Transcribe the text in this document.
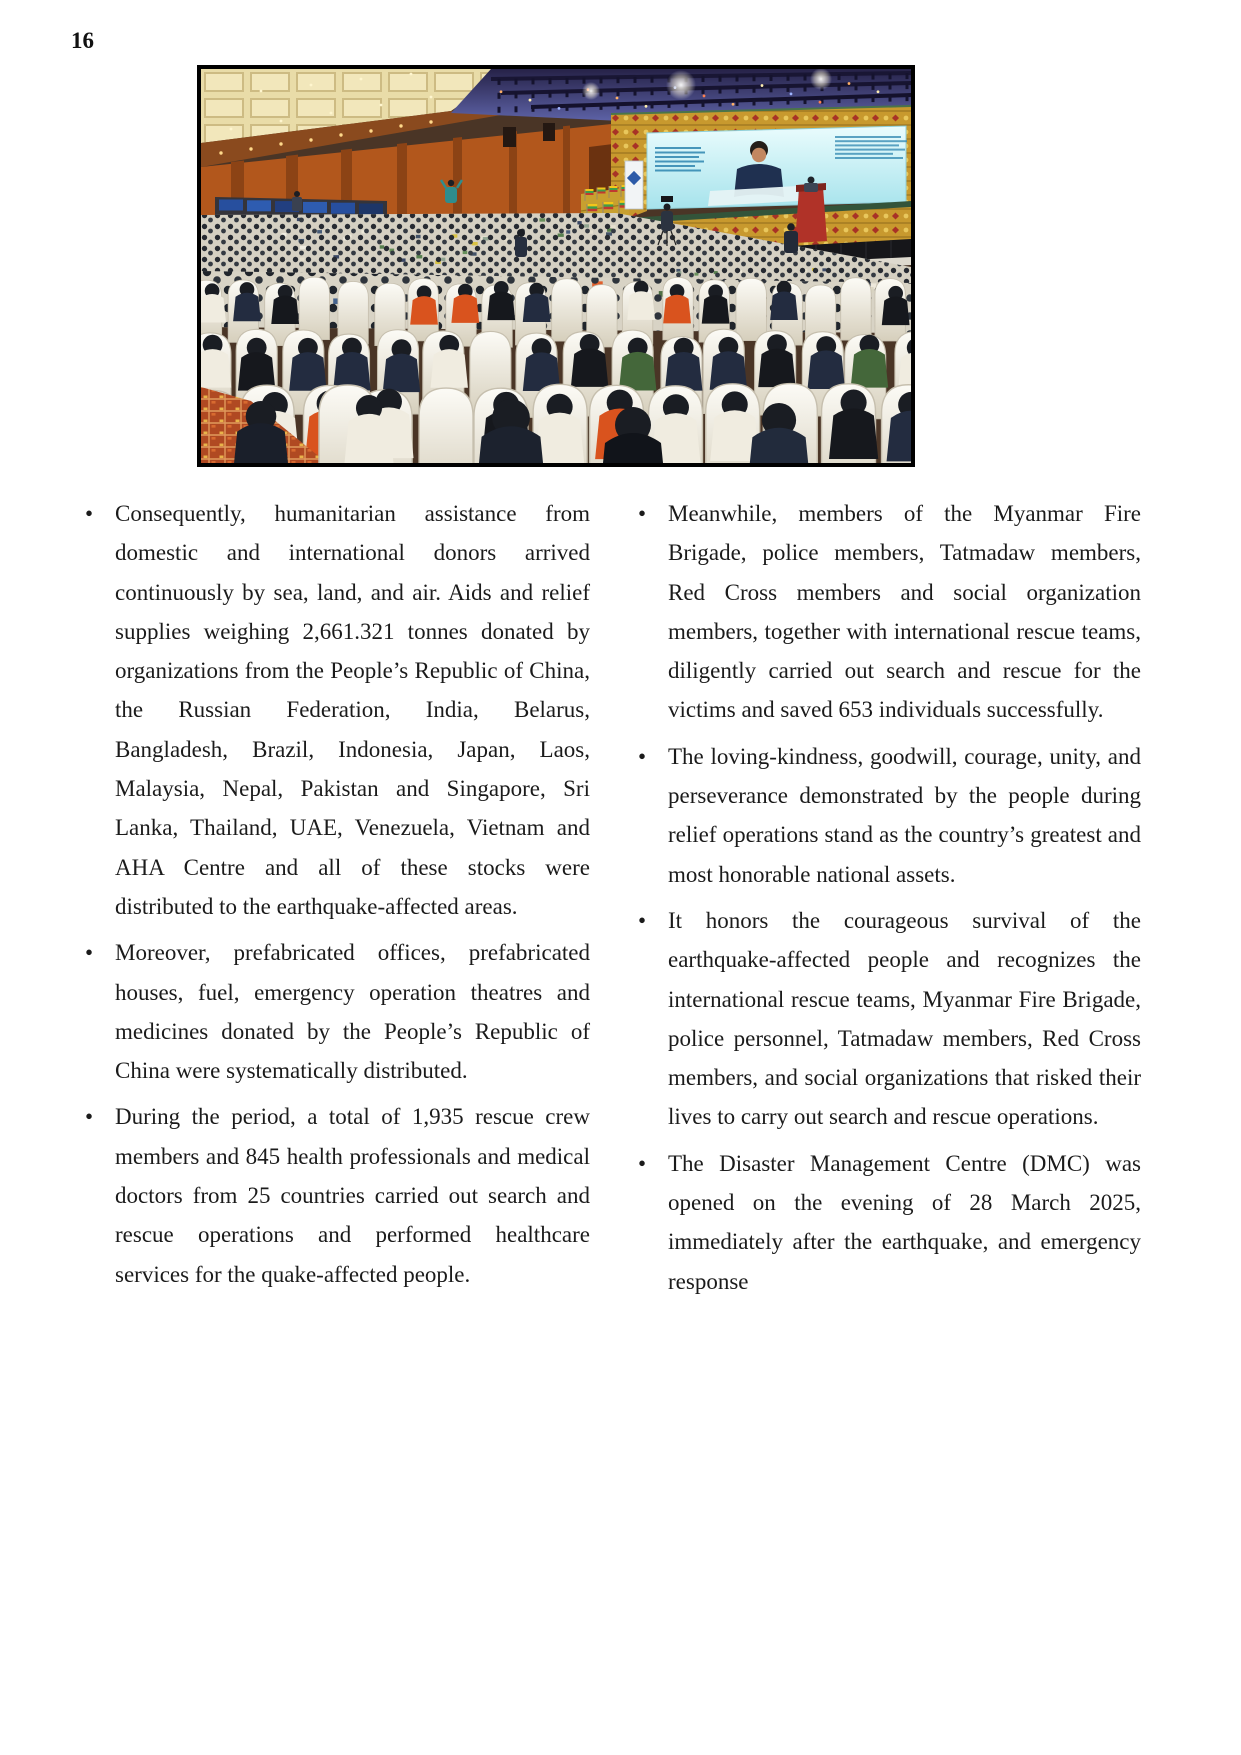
16

• Consequently, humanitarian assistance from domestic and international donors arrived continuously by sea, land, and air. Aids and relief supplies weighing 2,661.321 tonnes donated by organizations from the People’s Republic of China, the Russian Federation, India, Belarus, Bangladesh, Brazil, Indonesia, Japan, Laos, Malaysia, Nepal, Pakistan and Singapore, Sri Lanka, Thailand, UAE, Venezuela, Vietnam and AHA Centre and all of these stocks were distributed to the earthquake-affected areas.

• Moreover, prefabricated offices, prefabricated houses, fuel, emergency operation theatres and medicines donated by the People’s Republic of China were systematically distributed.

• During the period, a total of 1,935 rescue crew members and 845 health professionals and medical doctors from 25 countries carried out search and rescue operations and performed healthcare services for the quake-affected people.

• Meanwhile, members of the Myanmar Fire Brigade, police members, Tatmadaw members, Red Cross members and social organization members, together with international rescue teams, diligently carried out search and rescue for the victims and saved 653 individuals successfully.

• The loving-kindness, goodwill, courage, unity, and perseverance demonstrated by the people during relief operations stand as the country’s greatest and most honorable national assets.

• It honors the courageous survival of the earthquake-affected people and recognizes the international rescue teams, Myanmar Fire Brigade, police personnel, Tatmadaw members, Red Cross members, and social organizations that risked their lives to carry out search and rescue operations.

• The Disaster Management Centre (DMC) was opened on the evening of 28 March 2025, immediately after the earthquake, and emergency response
